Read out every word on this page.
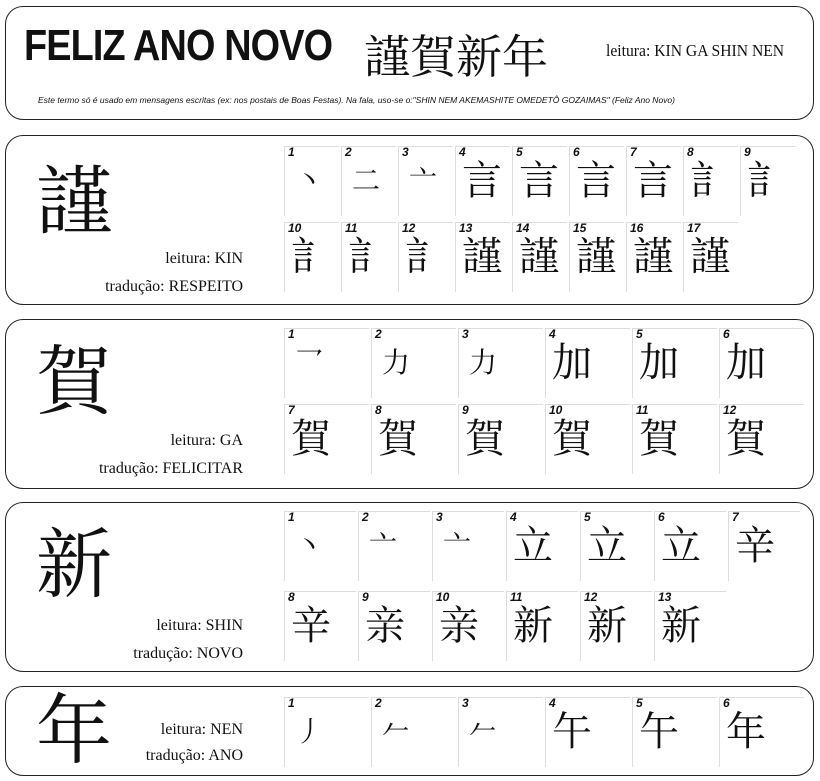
FELIZ ANO NOVO 謹賀新年	leitura: KIN GA SHIN NEN
Este termo só é usado em mensagens escritas (ex: nos postais de Boas Festas). Na fala, uso-se o:"SHIN NEM AKEMASHITE OMEDETÔ GOZAIMAS" (Feliz Ano Novo)
謹
leitura: KIN
tradução: RESPEITO
1
丶
2
二
3
亠
4
言
5
言
6
言
7
言
8
訁
9
訁
10
訁
11
訁
12
訁
13
謹
14
謹
15
謹
16
謹
17
謹
賀
leitura: GA
tradução: FELICITAR
1
乛
2
力
3
力
4
加
5
加
6
加
7
賀
8
賀
9
賀
10
賀
11
賀
12
賀
新
leitura: SHIN
tradução: NOVO
1
丶
2
亠
3
亠
4
立
5
立
6
立
7
辛
8
辛
9
亲
10
亲
11
新
12
新
13
新
年	leitura: NEN
tradução: ANO
1
丿
2
𠂉
3
𠂉
4
午
5
午
6
年
